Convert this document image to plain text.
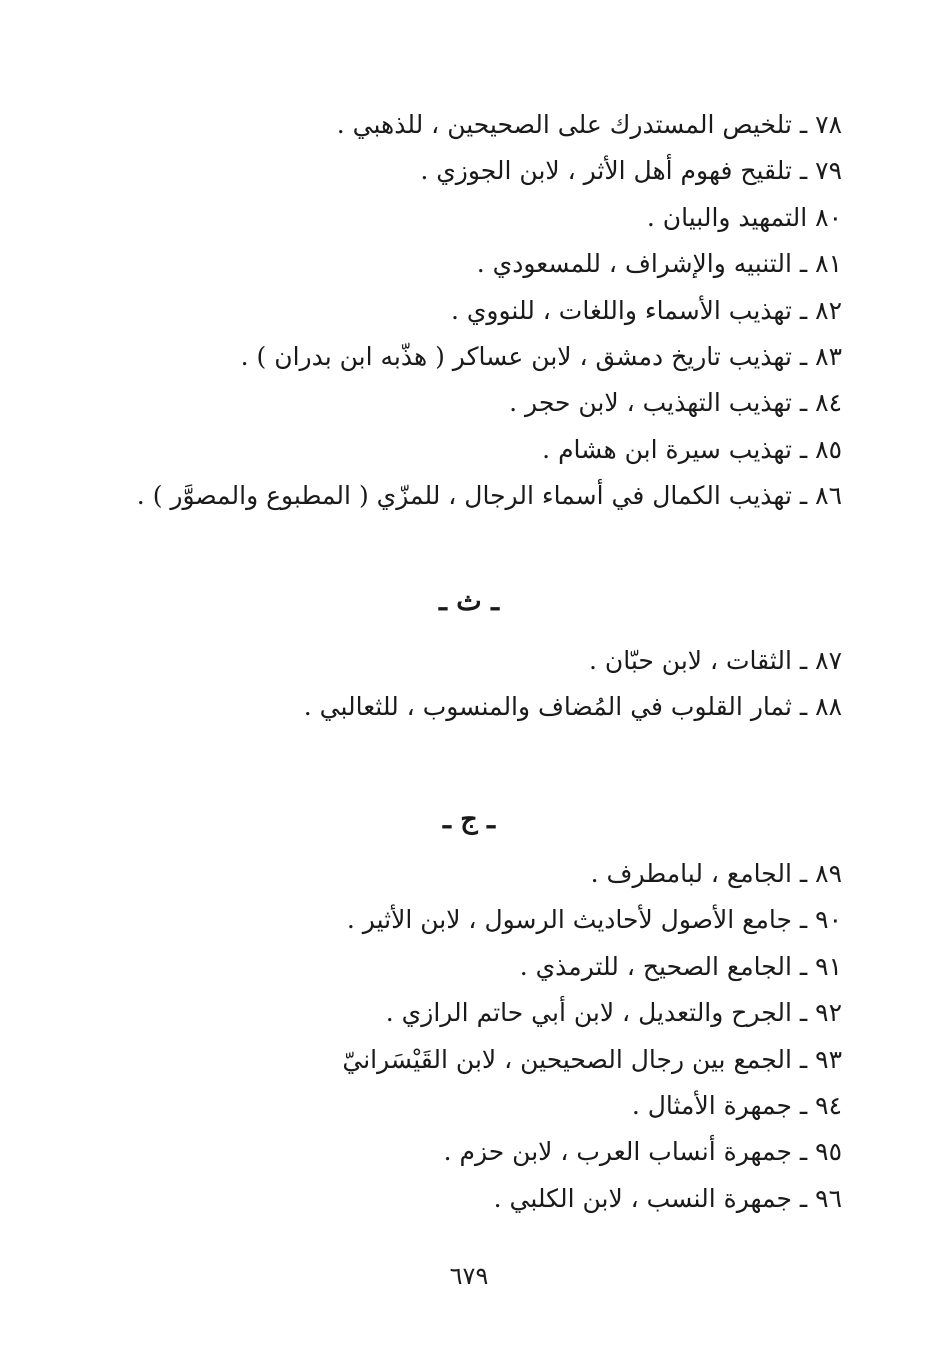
٧٨ ـ تلخيص المستدرك على الصحيحين ، للذهبي .
٧٩ ـ تلقيح فهوم أهل الأثر ، لابن الجوزي .
٨٠ التمهيد والبيان .
٨١ ـ التنبيه والإشراف ، للمسعودي .
٨٢ ـ تهذيب الأسماء واللغات ، للنووي .
٨٣ ـ تهذيب تاريخ دمشق ، لابن عساكر ( هذّبه ابن بدران ) .
٨٤ ـ تهذيب التهذيب ، لابن حجر .
٨٥ ـ تهذيب سيرة ابن هشام .
٨٦ ـ تهذيب الكمال في أسماء الرجال ، للمزّي ( المطبوع والمصوَّر ) .
ـ ث ـ
٨٧ ـ الثقات ، لابن حبّان .
٨٨ ـ ثمار القلوب في المُضاف والمنسوب ، للثعالبي .
ـ ج ـ
٨٩ ـ الجامع ، لبامطرف .
٩٠ ـ جامع الأصول لأحاديث الرسول ، لابن الأثير .
٩١ ـ الجامع الصحيح ، للترمذي .
٩٢ ـ الجرح والتعديل ، لابن أبي حاتم الرازي .
٩٣ ـ الجمع بين رجال الصحيحين ، لابن القَيْسَرانيّ
٩٤ ـ جمهرة الأمثال .
٩٥ ـ جمهرة أنساب العرب ، لابن حزم .
٩٦ ـ جمهرة النسب ، لابن الكلبي .
٦٧٩
